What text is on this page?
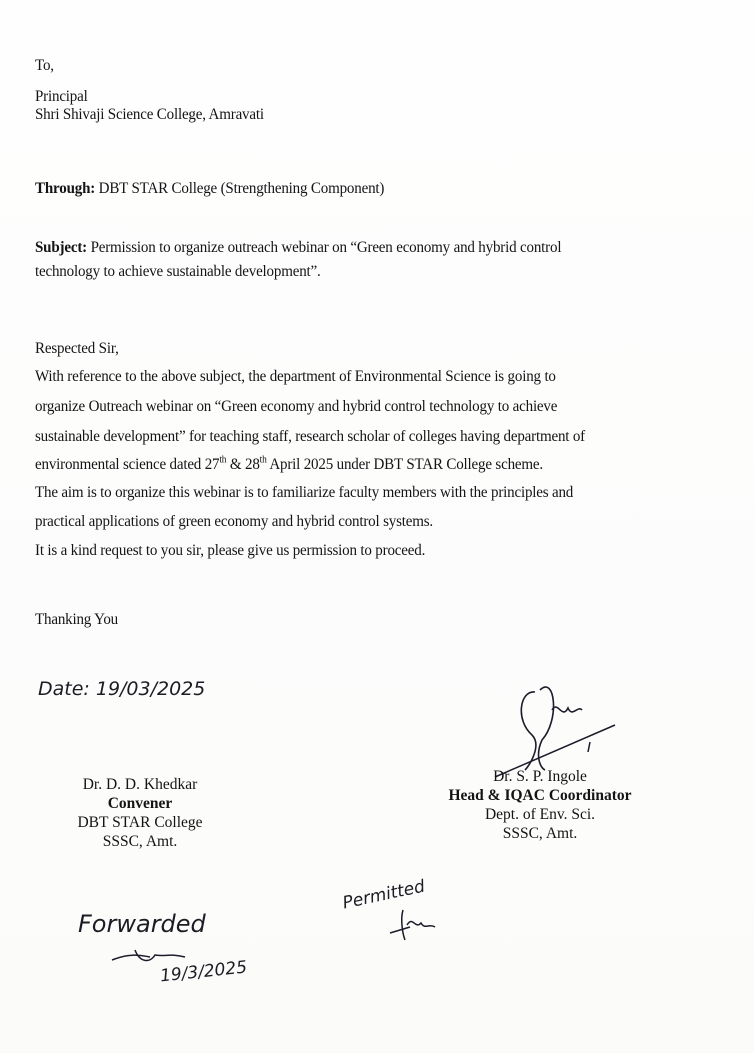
To,
Principal
Shri Shivaji Science College, Amravati
Through: DBT STAR College (Strengthening Component)
Subject: Permission to organize outreach webinar on “Green economy and hybrid control
technology to achieve sustainable development”.
Respected Sir,
With reference to the above subject, the department of Environmental Science is going to
organize Outreach webinar on “Green economy and hybrid control technology to achieve
sustainable development” for teaching staff, research scholar of colleges having department of
environmental science dated 27th & 28th April 2025 under DBT STAR College scheme.
The aim is to organize this webinar is to familiarize faculty members with the principles and
practical applications of green economy and hybrid control systems.
It is a kind request to you sir, please give us permission to proceed.
Thanking You
Date: 19/03/2025
Dr. D. D. Khedkar
Convener
DBT STAR College
SSSC, Amt.
Dr. S. P. Ingole
Head & IQAC Coordinator
Dept. of Env. Sci.
SSSC, Amt.
Forwarded
19/3/2025
Permitted
